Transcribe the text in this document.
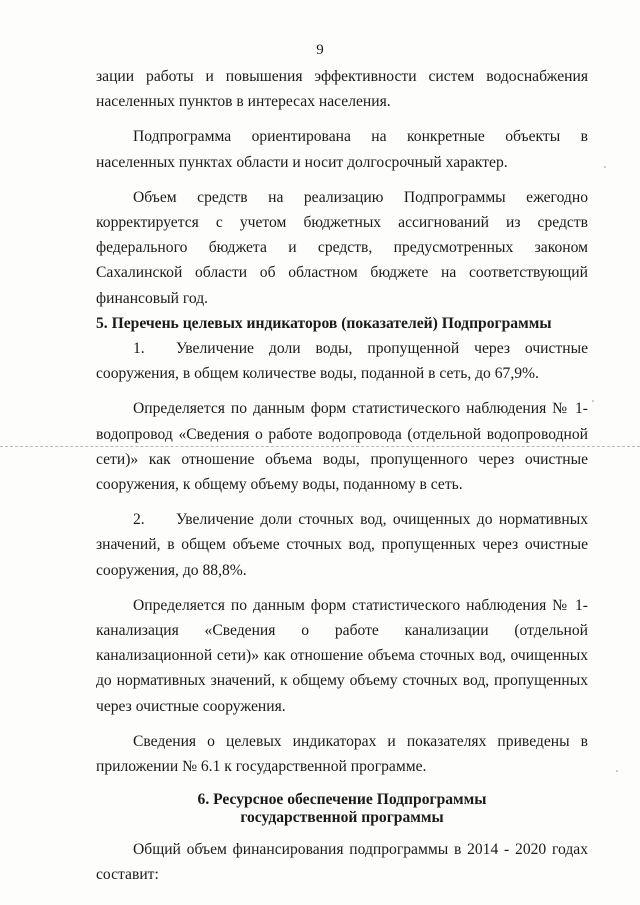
9

зации работы и повышения эффективности систем водоснабжения населенных пунктов в интересах населения.

Подпрограмма ориентирована на конкретные объекты в населенных пунктах области и носит долгосрочный характер.

Объем средств на реализацию Подпрограммы ежегодно корректируется с учетом бюджетных ассигнований из средств федерального бюджета и средств, предусмотренных законом Сахалинской области об областном бюджете на соответствующий финансовый год.

5. Перечень целевых индикаторов (показателей) Подпрограммы

1. Увеличение доли воды, пропущенной через очистные сооружения, в общем количестве воды, поданной в сеть, до 67,9%.

Определяется по данным форм статистического наблюдения № 1-водопровод «Сведения о работе водопровода (отдельной водопроводной сети)» как отношение объема воды, пропущенного через очистные сооружения, к общему объему воды, поданному в сеть.

2. Увеличение доли сточных вод, очищенных до нормативных значений, в общем объеме сточных вод, пропущенных через очистные сооружения, до 88,8%.

Определяется по данным форм статистического наблюдения № 1-канализация «Сведения о работе канализации (отдельной канализационной сети)» как отношение объема сточных вод, очищенных до нормативных значений, к общему объему сточных вод, пропущенных через очистные сооружения.

Сведения о целевых индикаторах и показателях приведены в приложении № 6.1 к государственной программе.

6. Ресурсное обеспечение Подпрограммы
государственной программы

Общий объем финансирования подпрограммы в 2014 - 2020 годах составит:
